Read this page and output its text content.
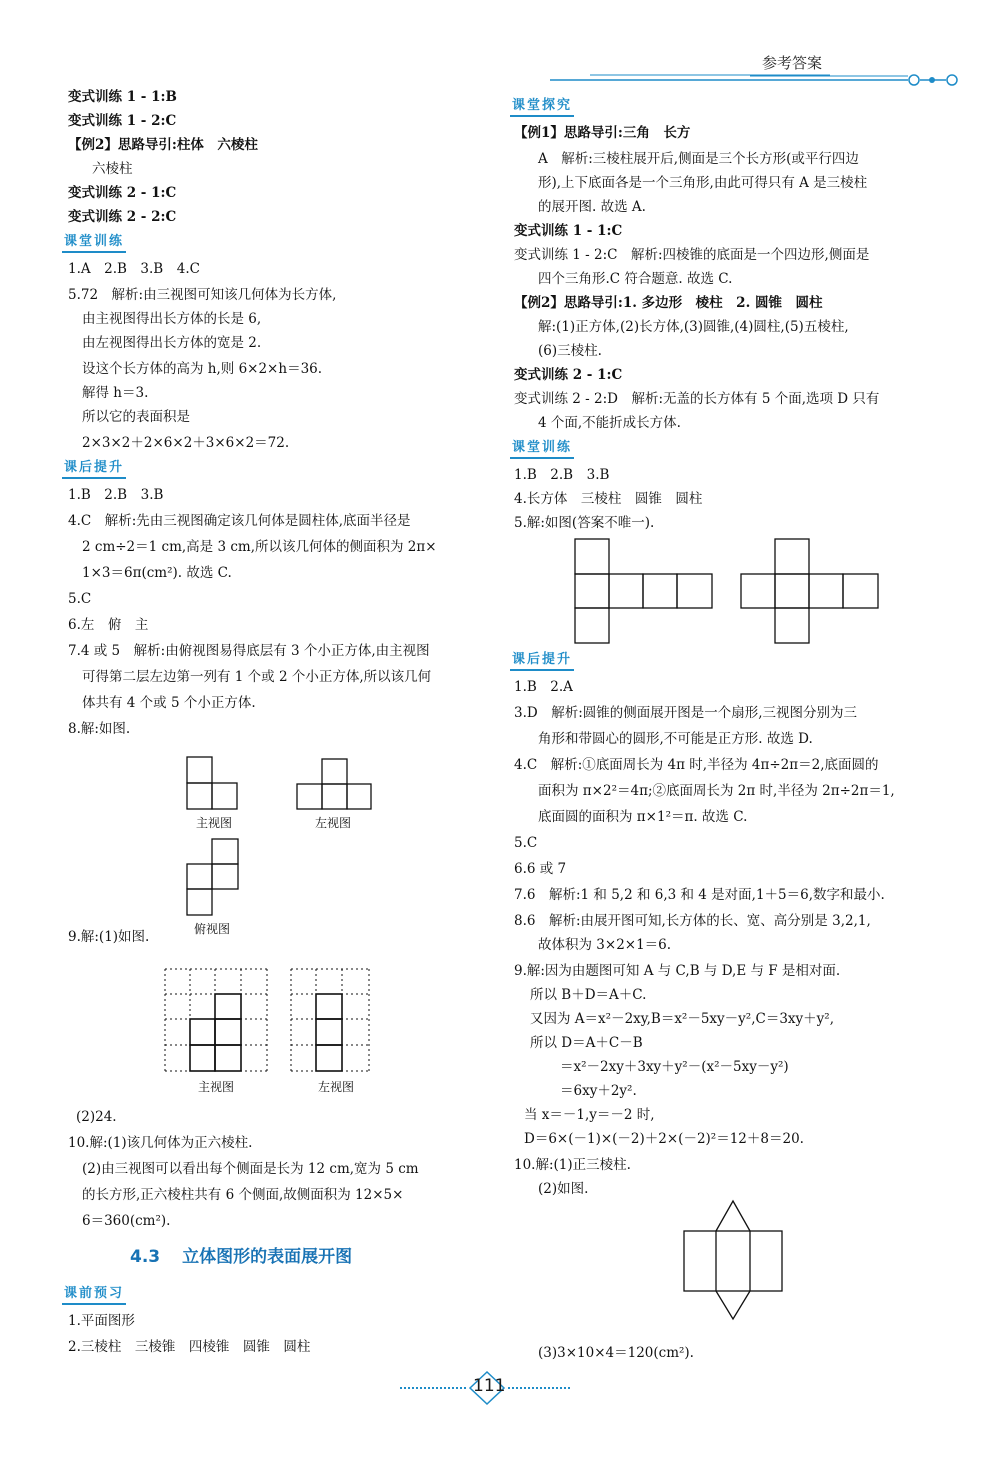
参考答案
变式训练 1 - 1:B
变式训练 1 - 2:C
【例2】思路导引:柱体　六棱柱
六棱柱
变式训练 2 - 1:C
变式训练 2 - 2:C
1.A　2.B　3.B　4.C
5.72　解析:由三视图可知该几何体为长方体,
由主视图得出长方体的长是 6,
由左视图得出长方体的宽是 2.
设这个长方体的高为 h,则 6×2×h＝36.
解得 h＝3.
所以它的表面积是
2×3×2＋2×6×2＋3×6×2＝72.
1.B　2.B　3.B
4.C　解析:先由三视图确定该几何体是圆柱体,底面半径是
2 cm÷2＝1 cm,高是 3 cm,所以该几何体的侧面积为 2π×
1×3＝6π(cm²). 故选 C.
5.C
6.左　俯　主
7.4 或 5　解析:由俯视图易得底层有 3 个小正方体,由主视图
可得第二层左边第一列有 1 个或 2 个小正方体,所以该几何
体共有 4 个或 5 个小正方体.
8.解:如图.
9.解:(1)如图.
(2)24.
10.解:(1)该几何体为正六棱柱.
(2)由三视图可以看出每个侧面是长为 12 cm,宽为 5 cm
的长方形,正六棱柱共有 6 个侧面,故侧面积为 12×5×
6＝360(cm²).
1.平面图形
2.三棱柱　三棱锥　四棱锥　圆锥　圆柱
课堂训练
课后提升
课前预习
【例1】思路导引:三角　长方
A　解析:三棱柱展开后,侧面是三个长方形(或平行四边
形),上下底面各是一个三角形,由此可得只有 A 是三棱柱
的展开图. 故选 A.
变式训练 1 - 1:C
变式训练 1 - 2:C　解析:四棱锥的底面是一个四边形,侧面是
四个三角形.C 符合题意. 故选 C.
【例2】思路导引:1. 多边形　棱柱　2. 圆锥　圆柱
解:(1)正方体,(2)长方体,(3)圆锥,(4)圆柱,(5)五棱柱,
(6)三棱柱.
变式训练 2 - 1:C
变式训练 2 - 2:D　解析:无盖的长方体有 5 个面,选项 D 只有
4 个面,不能折成长方体.
1.B　2.B　3.B
4.长方体　三棱柱　圆锥　圆柱
5.解:如图(答案不唯一).
1.B　2.A
3.D　解析:圆锥的侧面展开图是一个扇形,三视图分别为三
角形和带圆心的圆形,不可能是正方形. 故选 D.
4.C　解析:①底面周长为 4π 时,半径为 4π÷2π＝2,底面圆的
面积为 π×2²＝4π;②底面周长为 2π 时,半径为 2π÷2π＝1,
底面圆的面积为 π×1²＝π. 故选 C.
5.C
6.6 或 7
7.6　解析:1 和 5,2 和 6,3 和 4 是对面,1＋5＝6,数字和最小.
8.6　解析:由展开图可知,长方体的长、宽、高分别是 3,2,1,
故体积为 3×2×1＝6.
9.解:因为由题图可知 A 与 C,B 与 D,E 与 F 是相对面.
所以 B＋D＝A＋C.
又因为 A＝x²－2xy,B＝x²－5xy－y²,C＝3xy＋y²,
所以 D＝A＋C－B
＝x²－2xy＋3xy＋y²－(x²－5xy－y²)
＝6xy＋2y².
当 x＝－1,y＝－2 时,
D＝6×(－1)×(－2)＋2×(－2)²＝12＋8＝20.
10.解:(1)正三棱柱.
(2)如图.
(3)3×10×4＝120(cm²).
课堂探究
课堂训练
课后提升
4.3 立体图形的表面展开图
主视图	左视图
俯视图
主视图	左视图
111
